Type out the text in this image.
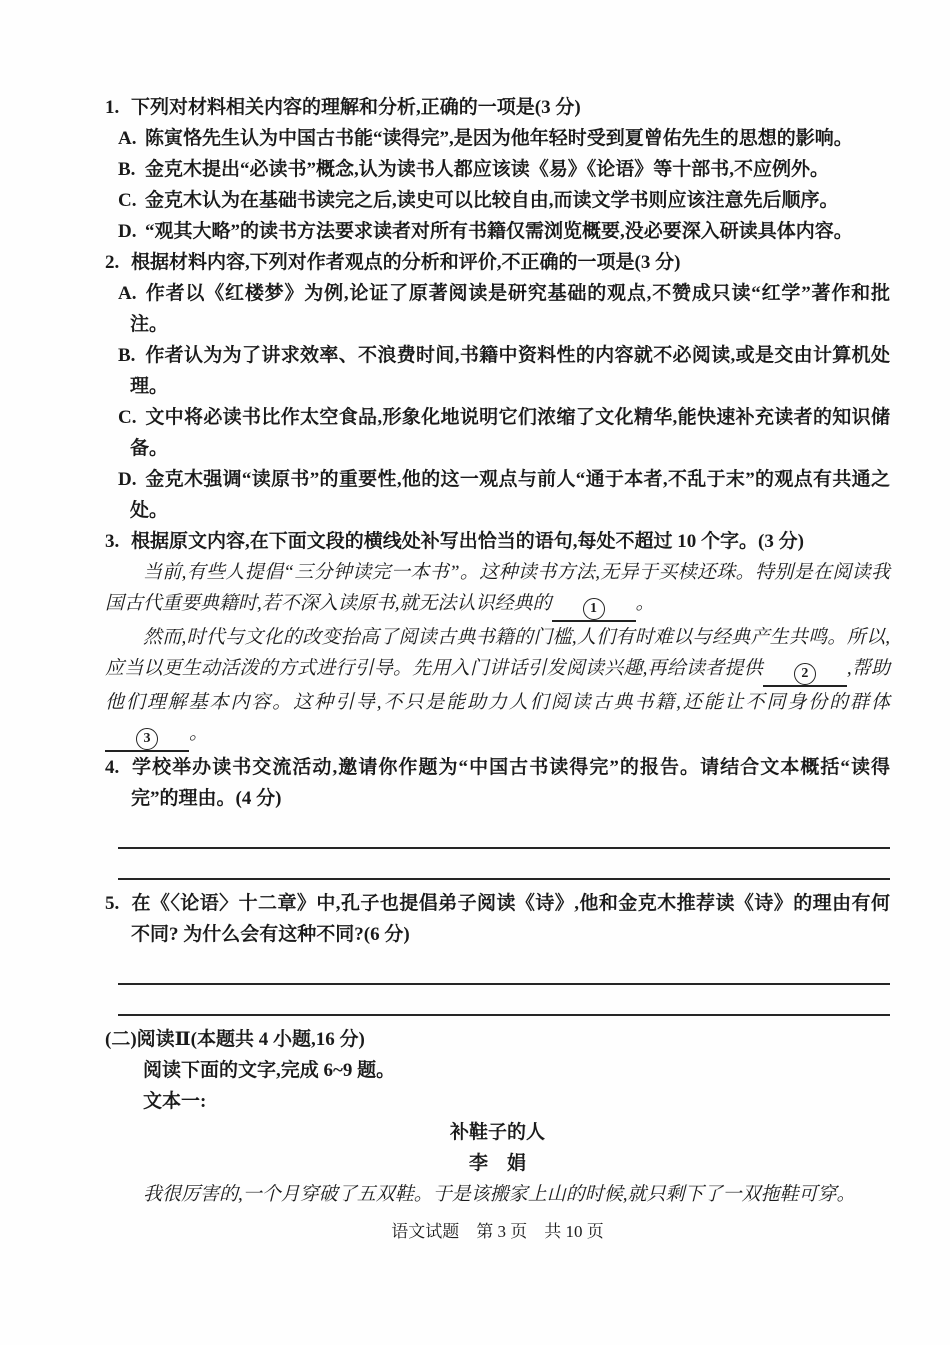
1. 下列对材料相关内容的理解和分析,正确的一项是(3 分)
A. 陈寅恪先生认为中国古书能“读得完”,是因为他年轻时受到夏曾佑先生的思想的影响。
B. 金克木提出“必读书”概念,认为读书人都应该读《易》《论语》等十部书,不应例外。
C. 金克木认为在基础书读完之后,读史可以比较自由,而读文学书则应该注意先后顺序。
D. “观其大略”的读书方法要求读者对所有书籍仅需浏览概要,没必要深入研读具体内容。
2. 根据材料内容,下列对作者观点的分析和评价,不正确的一项是(3 分)
A. 作者以《红楼梦》为例,论证了原著阅读是研究基础的观点,不赞成只读“红学”著作和批注。
B. 作者认为为了讲求效率、不浪费时间,书籍中资料性的内容就不必阅读,或是交由计算机处理。
C. 文中将必读书比作太空食品,形象化地说明它们浓缩了文化精华,能快速补充读者的知识储备。
D. 金克木强调“读原书”的重要性,他的这一观点与前人“通于本者,不乱于末”的观点有共通之处。
3. 根据原文内容,在下面文段的横线处补写出恰当的语句,每处不超过 10 个字。(3 分)

当前,有些人提倡“三分钟读完一本书”。这种读书方法,无异于买椟还珠。特别是在阅读我国古代重要典籍时,若不深入读原书,就无法认识经典的	1 。

然而,时代与文化的改变抬高了阅读古典书籍的门槛,人们有时难以与经典产生共鸣。所以,应当以更生动活泼的方式进行引导。先用入门讲话引发阅读兴趣,再给读者提供	2 ,帮助他们理解基本内容。这种引导,不只是能助力人们阅读古典书籍,还能让不同身份的群体3 。

4. 学校举办读书交流活动,邀请你作题为“中国古书读得完”的报告。请结合文本概括“读得完”的理由。(4 分)
5. 在《〈论语〉十二章》中,孔子也提倡弟子阅读《诗》,他和金克木推荐读《诗》的理由有何不同? 为什么会有这种不同?(6 分)
(二)阅读Ⅱ(本题共 4 小题,16 分)
阅读下面的文字,完成 6~9 题。
文本一:
补鞋子的人
李　娟

我很厉害的,一个月穿破了五双鞋。于是该搬家上山的时候,就只剩下了一双拖鞋可穿。

语文试题　第 3 页　共 10 页
